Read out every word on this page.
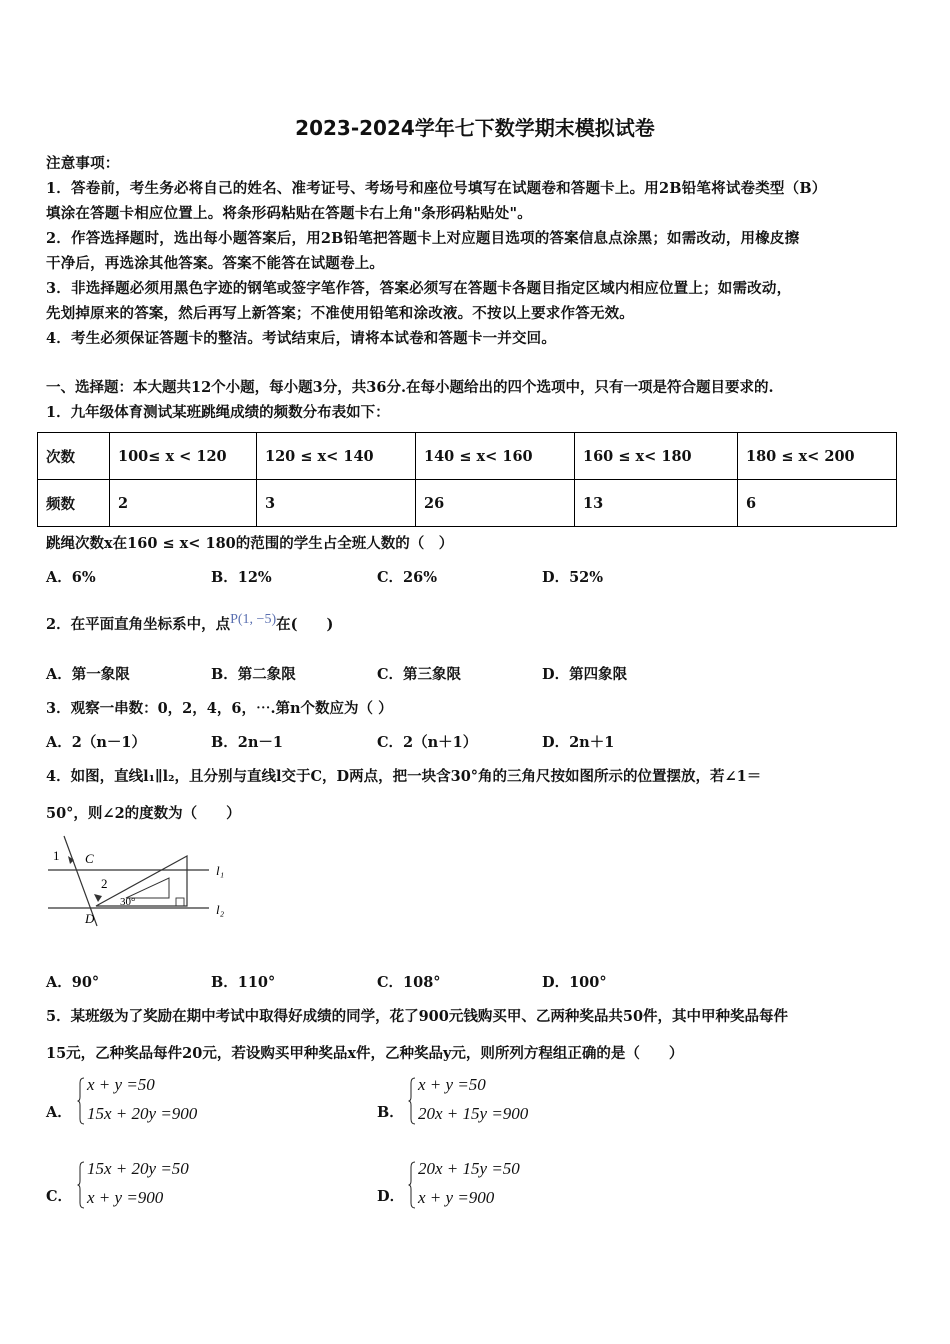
2023-2024学年七下数学期末模拟试卷
注意事项：
1．答卷前，考生务必将自己的姓名、准考证号、考场号和座位号填写在试题卷和答题卡上。用2B铅笔将试卷类型（B）
填涂在答题卡相应位置上。将条形码粘贴在答题卡右上角"条形码粘贴处"。
2．作答选择题时，选出每小题答案后，用2B铅笔把答题卡上对应题目选项的答案信息点涂黑；如需改动，用橡皮擦
干净后，再选涂其他答案。答案不能答在试题卷上。
3．非选择题必须用黑色字迹的钢笔或签字笔作答，答案必须写在答题卡各题目指定区域内相应位置上；如需改动，
先划掉原来的答案，然后再写上新答案；不准使用铅笔和涂改液。不按以上要求作答无效。
4．考生必须保证答题卡的整洁。考试结束后，请将本试卷和答题卡一并交回。
一、选择题：本大题共12个小题，每小题3分，共36分.在每小题给出的四个选项中，只有一项是符合题目要求的.
1．九年级体育测试某班跳绳成绩的频数分布表如下：
次数	100≤ x < 120	120 ≤ x< 140	140 ≤ x< 160	160 ≤ x< 180	180 ≤ x< 200
频数	2	3	26	13	6
跳绳次数x在160 ≤ x< 180的范围的学生占全班人数的（　）
A．6%	B．12%	C．26%	D．52%
2．在平面直角坐标系中，点P(1, −5)在(　　)
A．第一象限	B．第二象限	C．第三象限	D．第四象限
3．观察一串数：0，2，4，6，⋯.第n个数应为（ ）
A．2（n－1）	B．2n－1	C．2（n＋1）	D．2n＋1
4．如图，直线l₁∥l₂，且分别与直线l交于C，D两点，把一块含30°角的三角尺按如图所示的位置摆放，若∠1＝
50°，则∠2的度数为（　　）
1 C
2
D
30°
l₁
l₂
A．90°	B．110°	C．108°	D．100°
5．某班级为了奖励在期中考试中取得好成绩的同学，花了900元钱购买甲、乙两种奖品共50件，其中甲种奖品每件
15元，乙种奖品每件20元，若设购买甲种奖品x件，乙种奖品y元，则所列方程组正确的是（　　）
A．
x + y =50
15x + 20y =900	B．
x + y =50
20x + 15y =900
C．
15x + 20y =50
x + y =900	D．
20x + 15y =50
x + y =900
